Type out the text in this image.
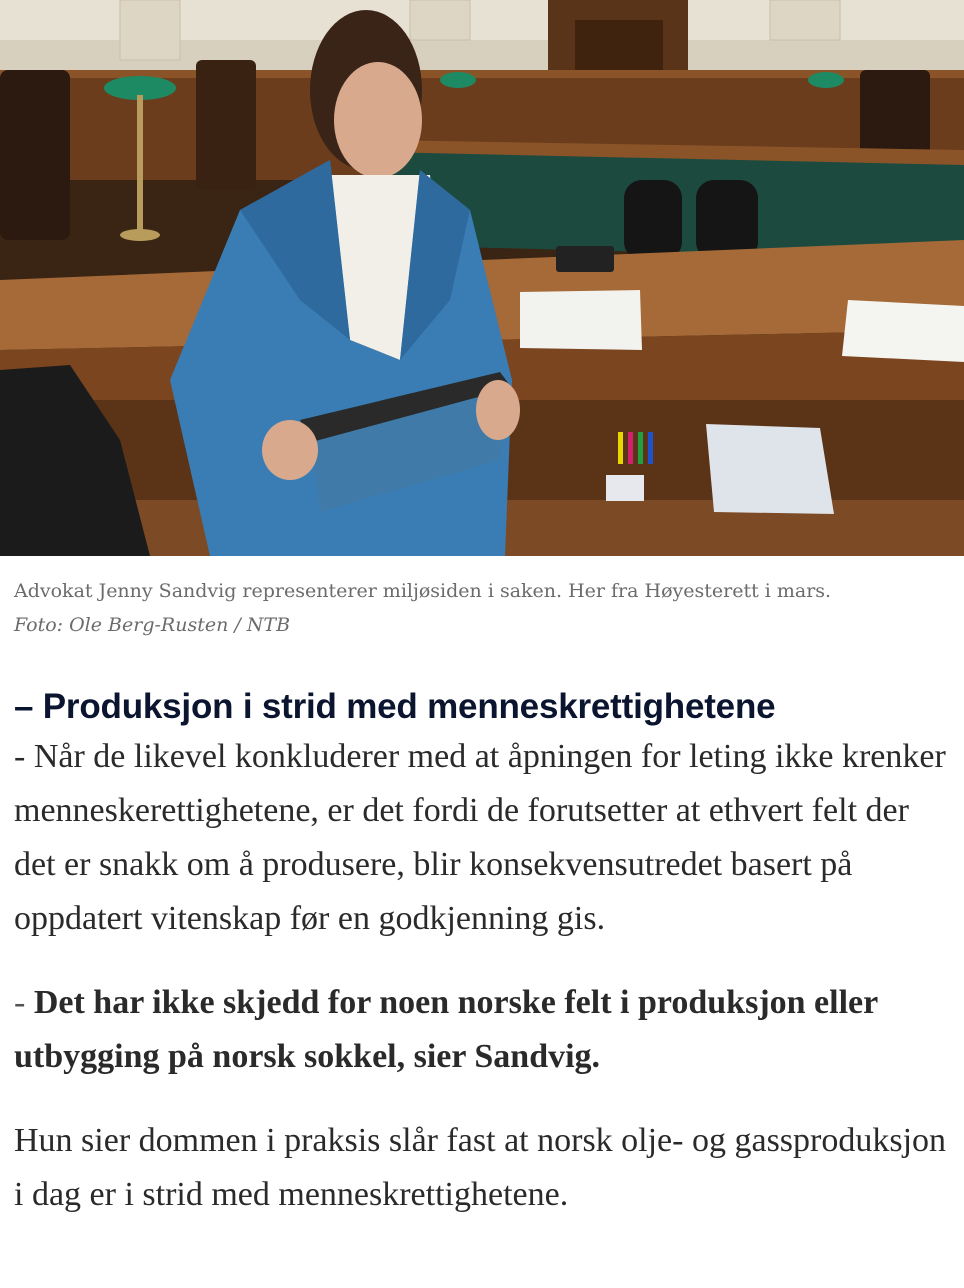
Advokat Jenny Sandvig representerer miljøsiden i saken. Her fra Høyesterett i mars.
Foto: Ole Berg-Rusten / NTB
– Produksjon i strid med menneskrettighetene

- Når de likevel konkluderer med at åpningen for leting ikke krenker menneskerettighetene, er det fordi de forutsetter at ethvert felt der det er snakk om å produsere, blir konsekvensutredet basert på oppdatert vitenskap før en godkjenning gis.

- Det har ikke skjedd for noen norske felt i produksjon eller utbygging på norsk sokkel, sier Sandvig.

Hun sier dommen i praksis slår fast at norsk olje- og gassproduksjon i dag er i strid med menneskrettighetene.
